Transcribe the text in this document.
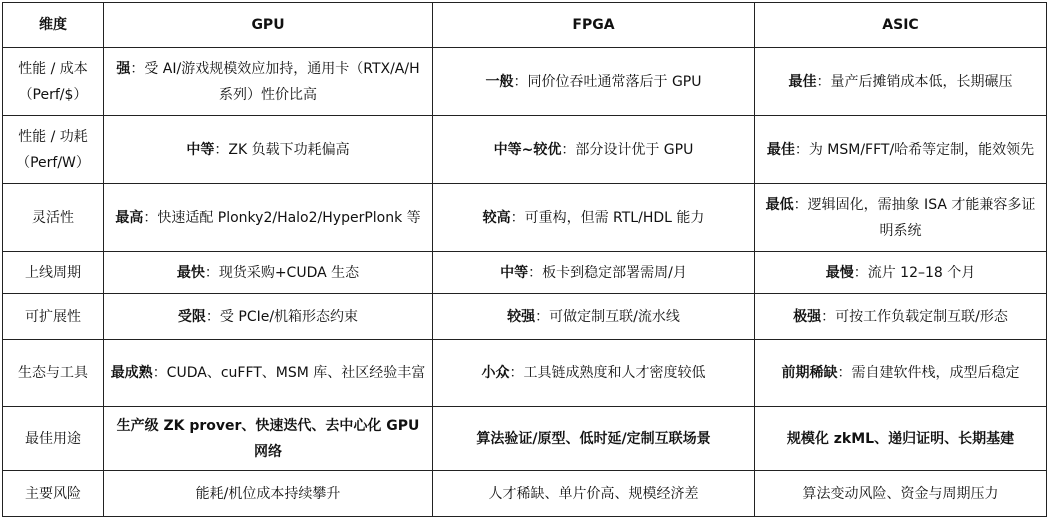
维度	GPU	FPGA	ASIC
性能 / 成本（Perf/$）	强：受 AI/游戏规模效应加持，通用卡（RTX/A/H 系列）性价比高	一般：同价位吞吐通常落后于 GPU	最佳：量产后摊销成本低，长期碾压
性能 / 功耗（Perf/W）	中等：ZK 负载下功耗偏高	中等~较优：部分设计优于 GPU	最佳：为 MSM/FFT/哈希等定制，能效领先
灵活性	最高：快速适配 Plonky2/Halo2/HyperPlonk 等	较高：可重构，但需 RTL/HDL 能力	最低：逻辑固化，需抽象 ISA 才能兼容多证明系统
上线周期	最快：现货采购+CUDA 生态	中等：板卡到稳定部署需周/月	最慢：流片 12–18 个月
可扩展性	受限：受 PCIe/机箱形态约束	较强：可做定制互联/流水线	极强：可按工作负载定制互联/形态
生态与工具	最成熟：CUDA、cuFFT、MSM 库、社区经验丰富	小众：工具链成熟度和人才密度较低	前期稀缺：需自建软件栈，成型后稳定
最佳用途	生产级 ZK prover、快速迭代、去中心化 GPU 网络	算法验证/原型、低时延/定制互联场景	规模化 zkML、递归证明、长期基建
主要风险	能耗/机位成本持续攀升	人才稀缺、单片价高、规模经济差	算法变动风险、资金与周期压力
